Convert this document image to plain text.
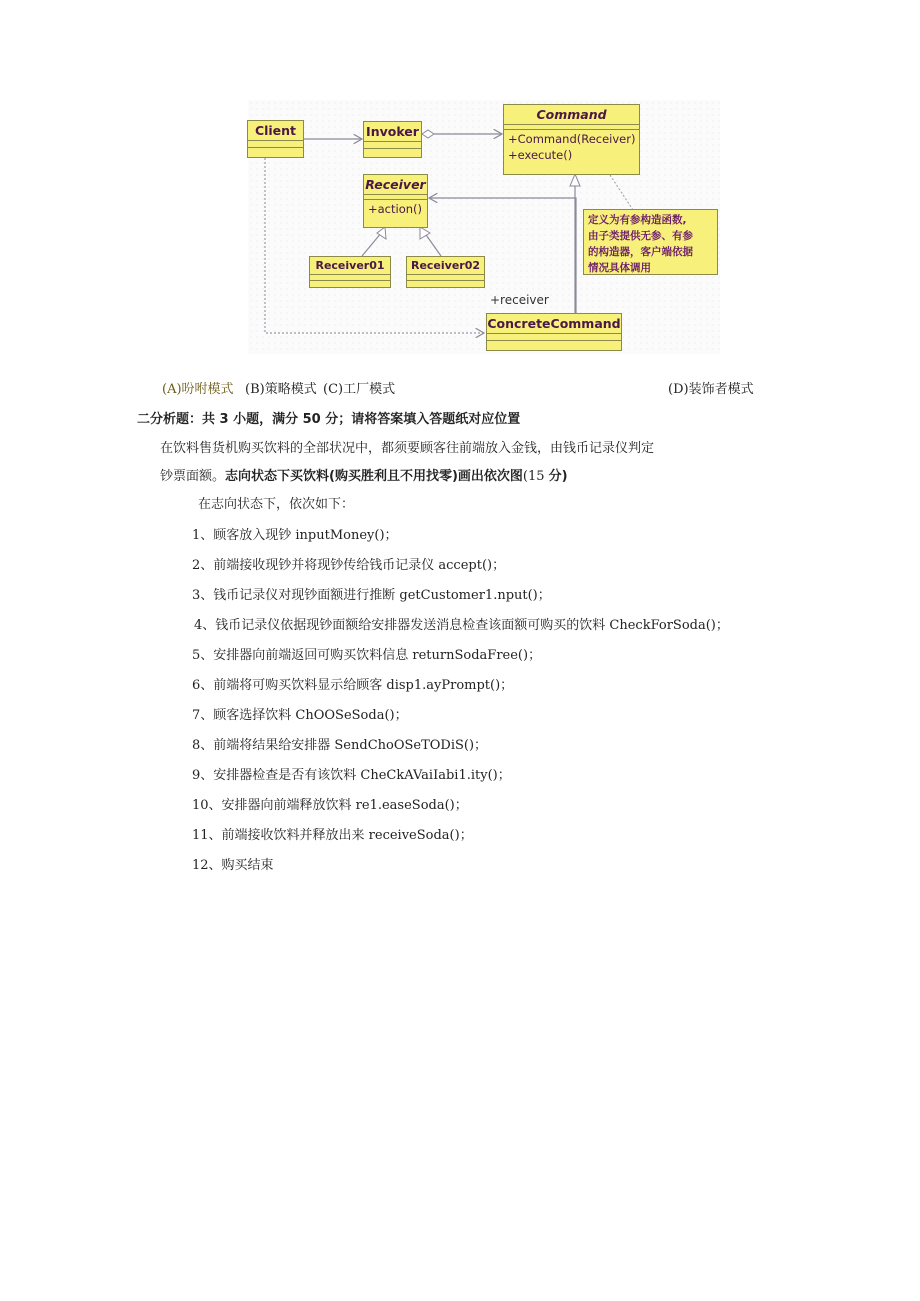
Client	Invoker
Command
+Command(Receiver)
+execute()
Receiver
+action()
Receiver01	Receiver02
ConcreteCommand
+receiver
定义为有参构造函数,
由子类提供无参、有参
的构造器，客户端依据
情况具体调用
(A)吩咐模式 (B)策略模式 (C)工厂模式	(D)装饰者模式
二分析题：共 3 小题，满分 50 分；请将答案填入答题纸对应位置
在饮料售货机购买饮料的全部状况中，都须要顾客往前端放入金钱，由钱币记录仪判定
钞票面额。志向状态下买饮料(购买胜利且不用找零)画出依次图(15 分)
在志向状态下，依次如下：
1、顾客放入现钞 inputMoney()；
2、前端接收现钞并将现钞传给钱币记录仪 accept()；
3、钱币记录仪对现钞面额进行推断 getCustomer1.nput()；
4、钱币记录仪依据现钞面额给安排器发送消息检查该面额可购买的饮料 CheckForSoda()；
5、安排器向前端返回可购买饮料信息 returnSodaFree()；
6、前端将可购买饮料显示给顾客 disp1.ayPrompt()；
7、顾客选择饮料 ChOOSeSoda()；
8、前端将结果给安排器 SendChoOSeTODiS()；
9、安排器检查是否有该饮料 CheCkAVaiIabi1.ity()；
10、安排器向前端释放饮料 re1.easeSoda()；
11、前端接收饮料并释放出来 receiveSoda()；
12、购买结束
